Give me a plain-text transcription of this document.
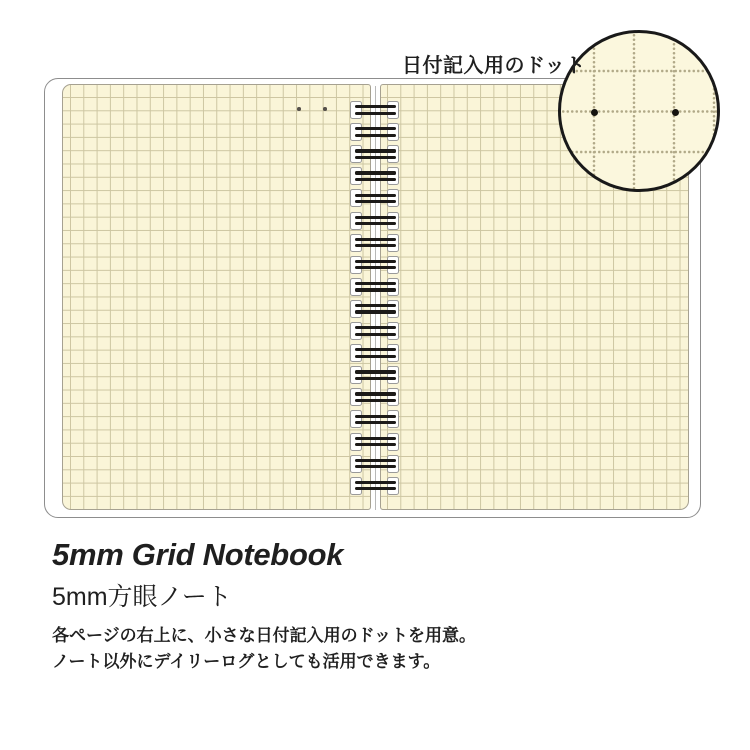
日付記入用のドット
5mm Grid Notebook
5mm方眼ノート

各ページの右上に、小さな日付記入用のドットを用意。

ノート以外にデイリーログとしても活用できます。
